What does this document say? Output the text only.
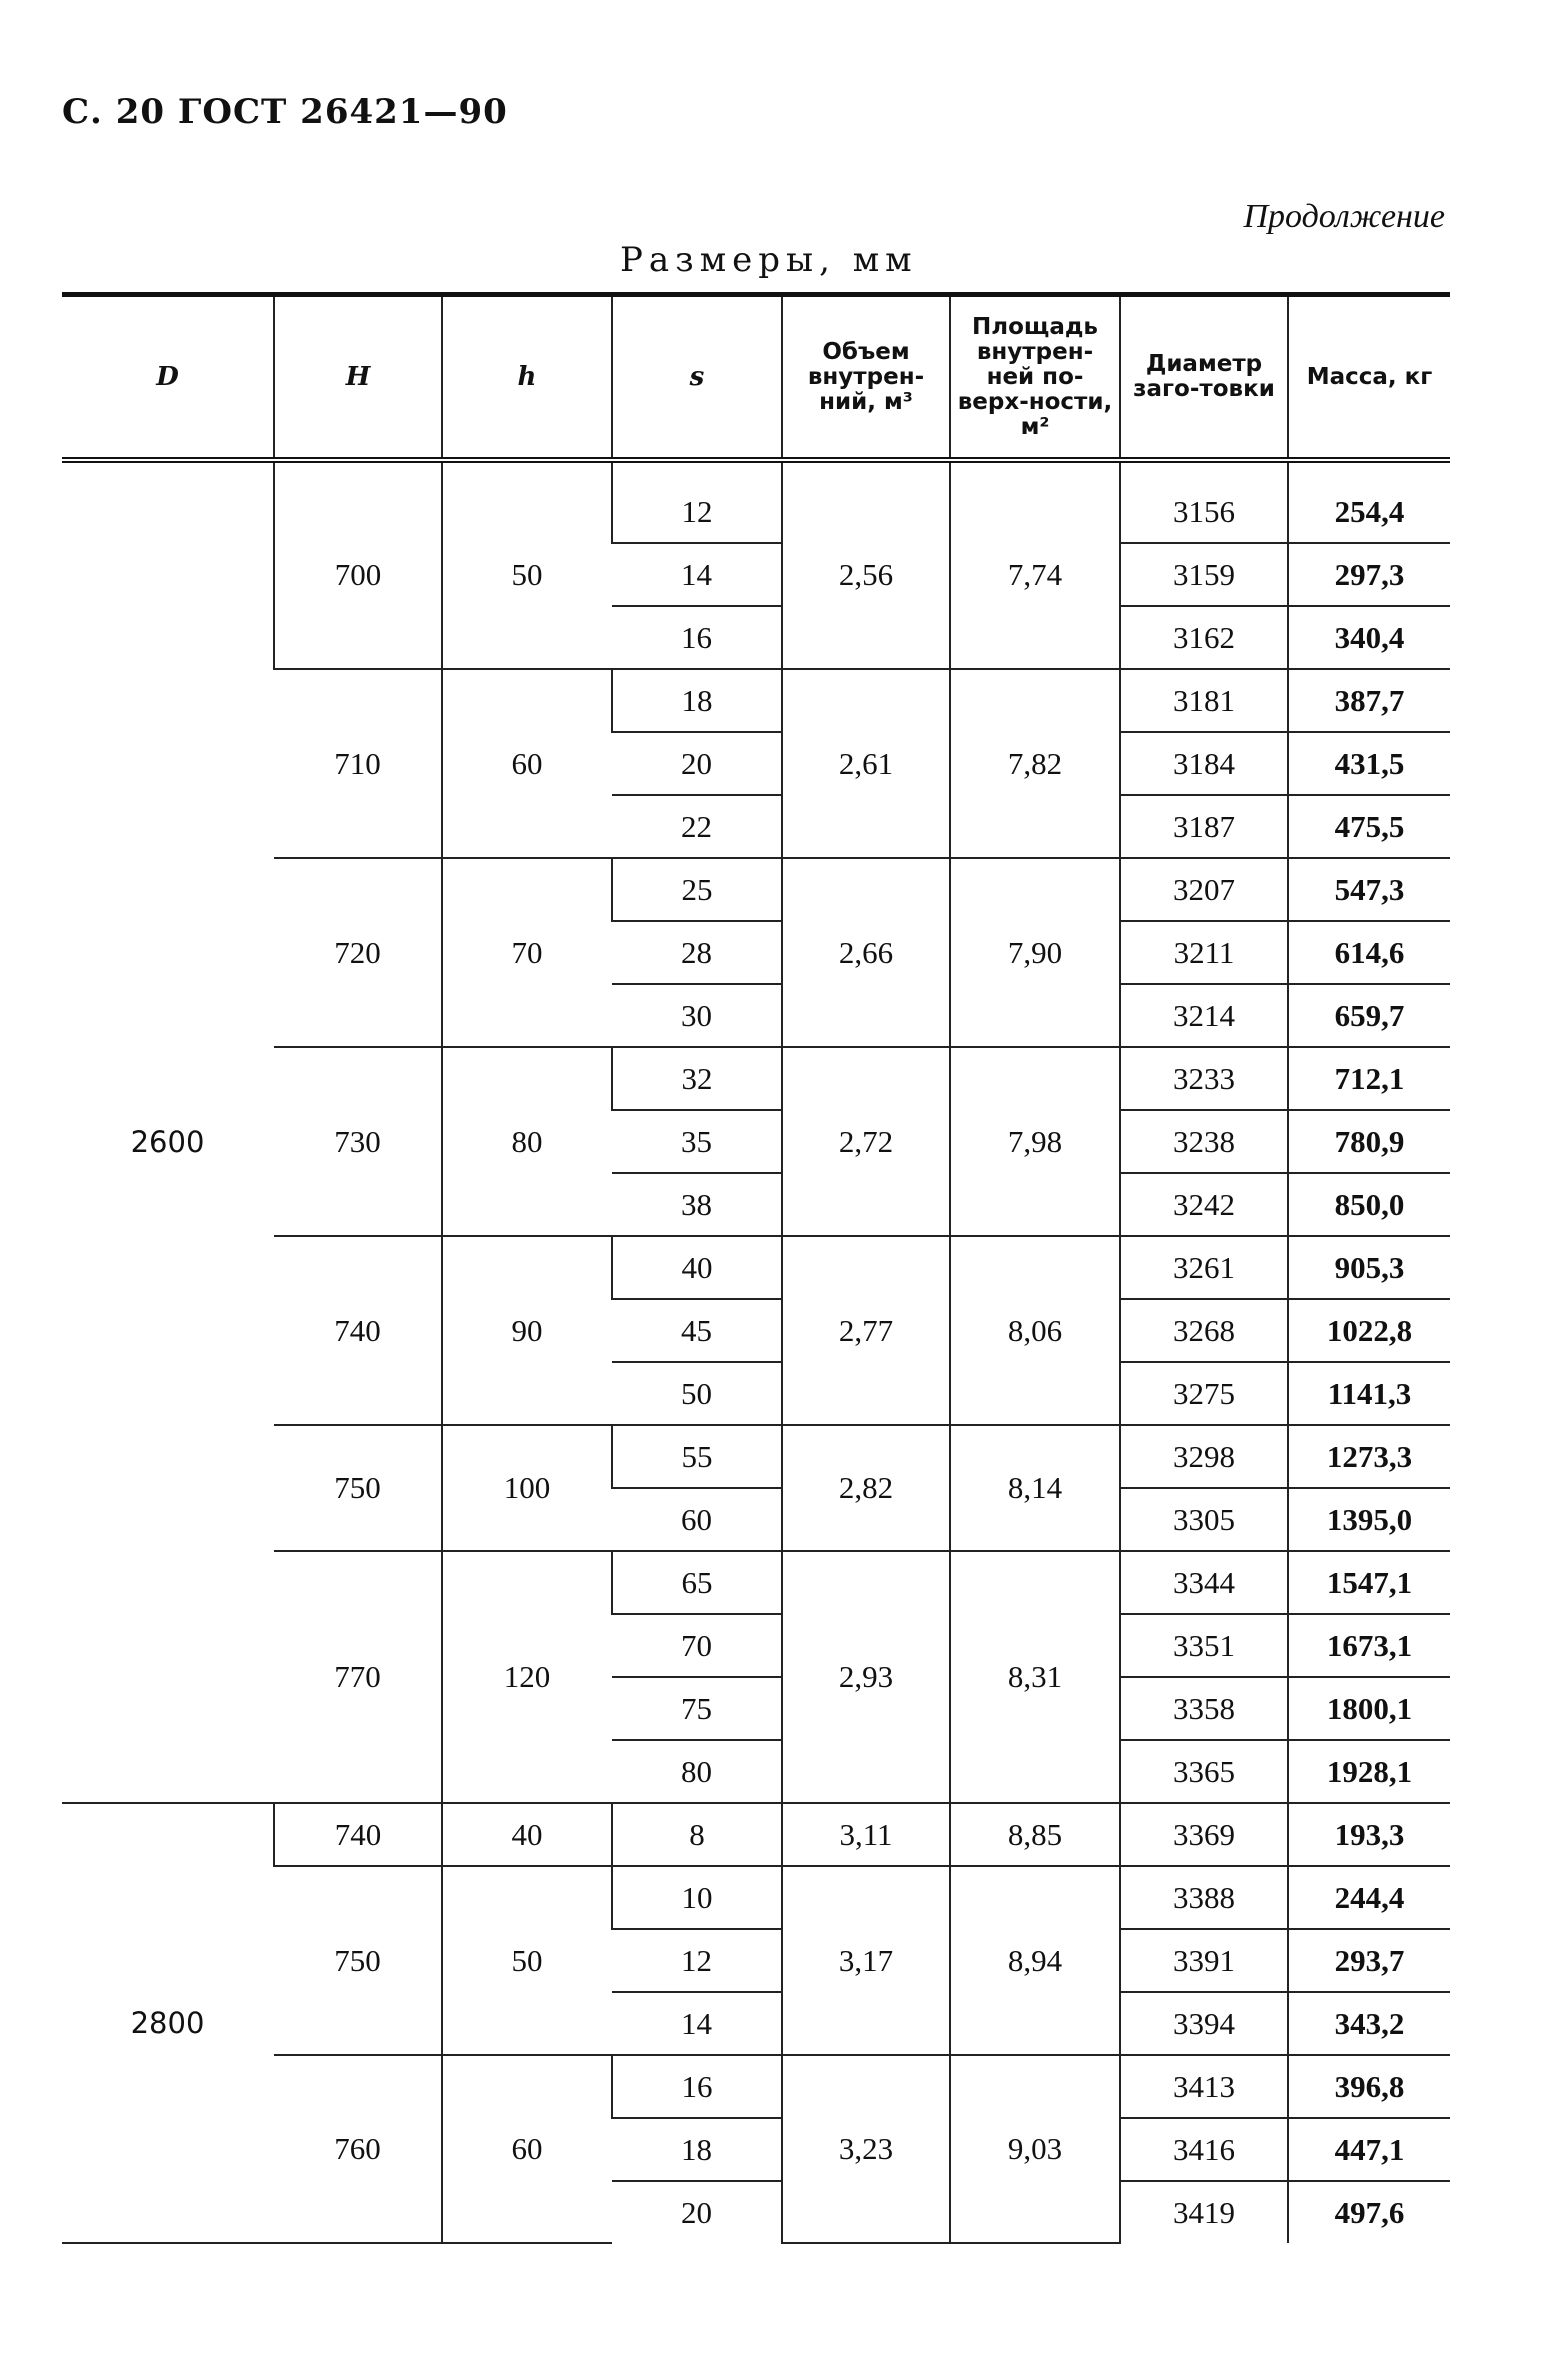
С. 20 ГОСТ 26421—90
Продолжение
Размеры, мм
D	H	h	s	Объем внутрен-ний, м³	Площадь внутрен-ней по-верх-ности, м²	Диаметр заго-товки	Масса, кг

2600	700	50	12	2,56	7,74	3156	254,4
			14			3159	297,3
			16			3162	340,4
	710	60	18	2,61	7,82	3181	387,7
			20			3184	431,5
			22			3187	475,5
	720	70	25	2,66	7,90	3207	547,3
			28			3211	614,6
			30			3214	659,7
	730	80	32	2,72	7,98	3233	712,1
			35			3238	780,9
			38			3242	850,0
	740	90	40	2,77	8,06	3261	905,3
			45			3268	1022,8
			50			3275	1141,3
	750	100	55	2,82	8,14	3298	1273,3
			60			3305	1395,0
	770	120	65	2,93	8,31	3344	1547,1
			70			3351	1673,1
			75			3358	1800,1
			80			3365	1928,1
2800	740	40	8	3,11	8,85	3369	193,3
	750	50	10	3,17	8,94	3388	244,4
			12			3391	293,7
			14			3394	343,2
	760	60	16	3,23	9,03	3413	396,8
			18			3416	447,1
			20			3419	497,6
